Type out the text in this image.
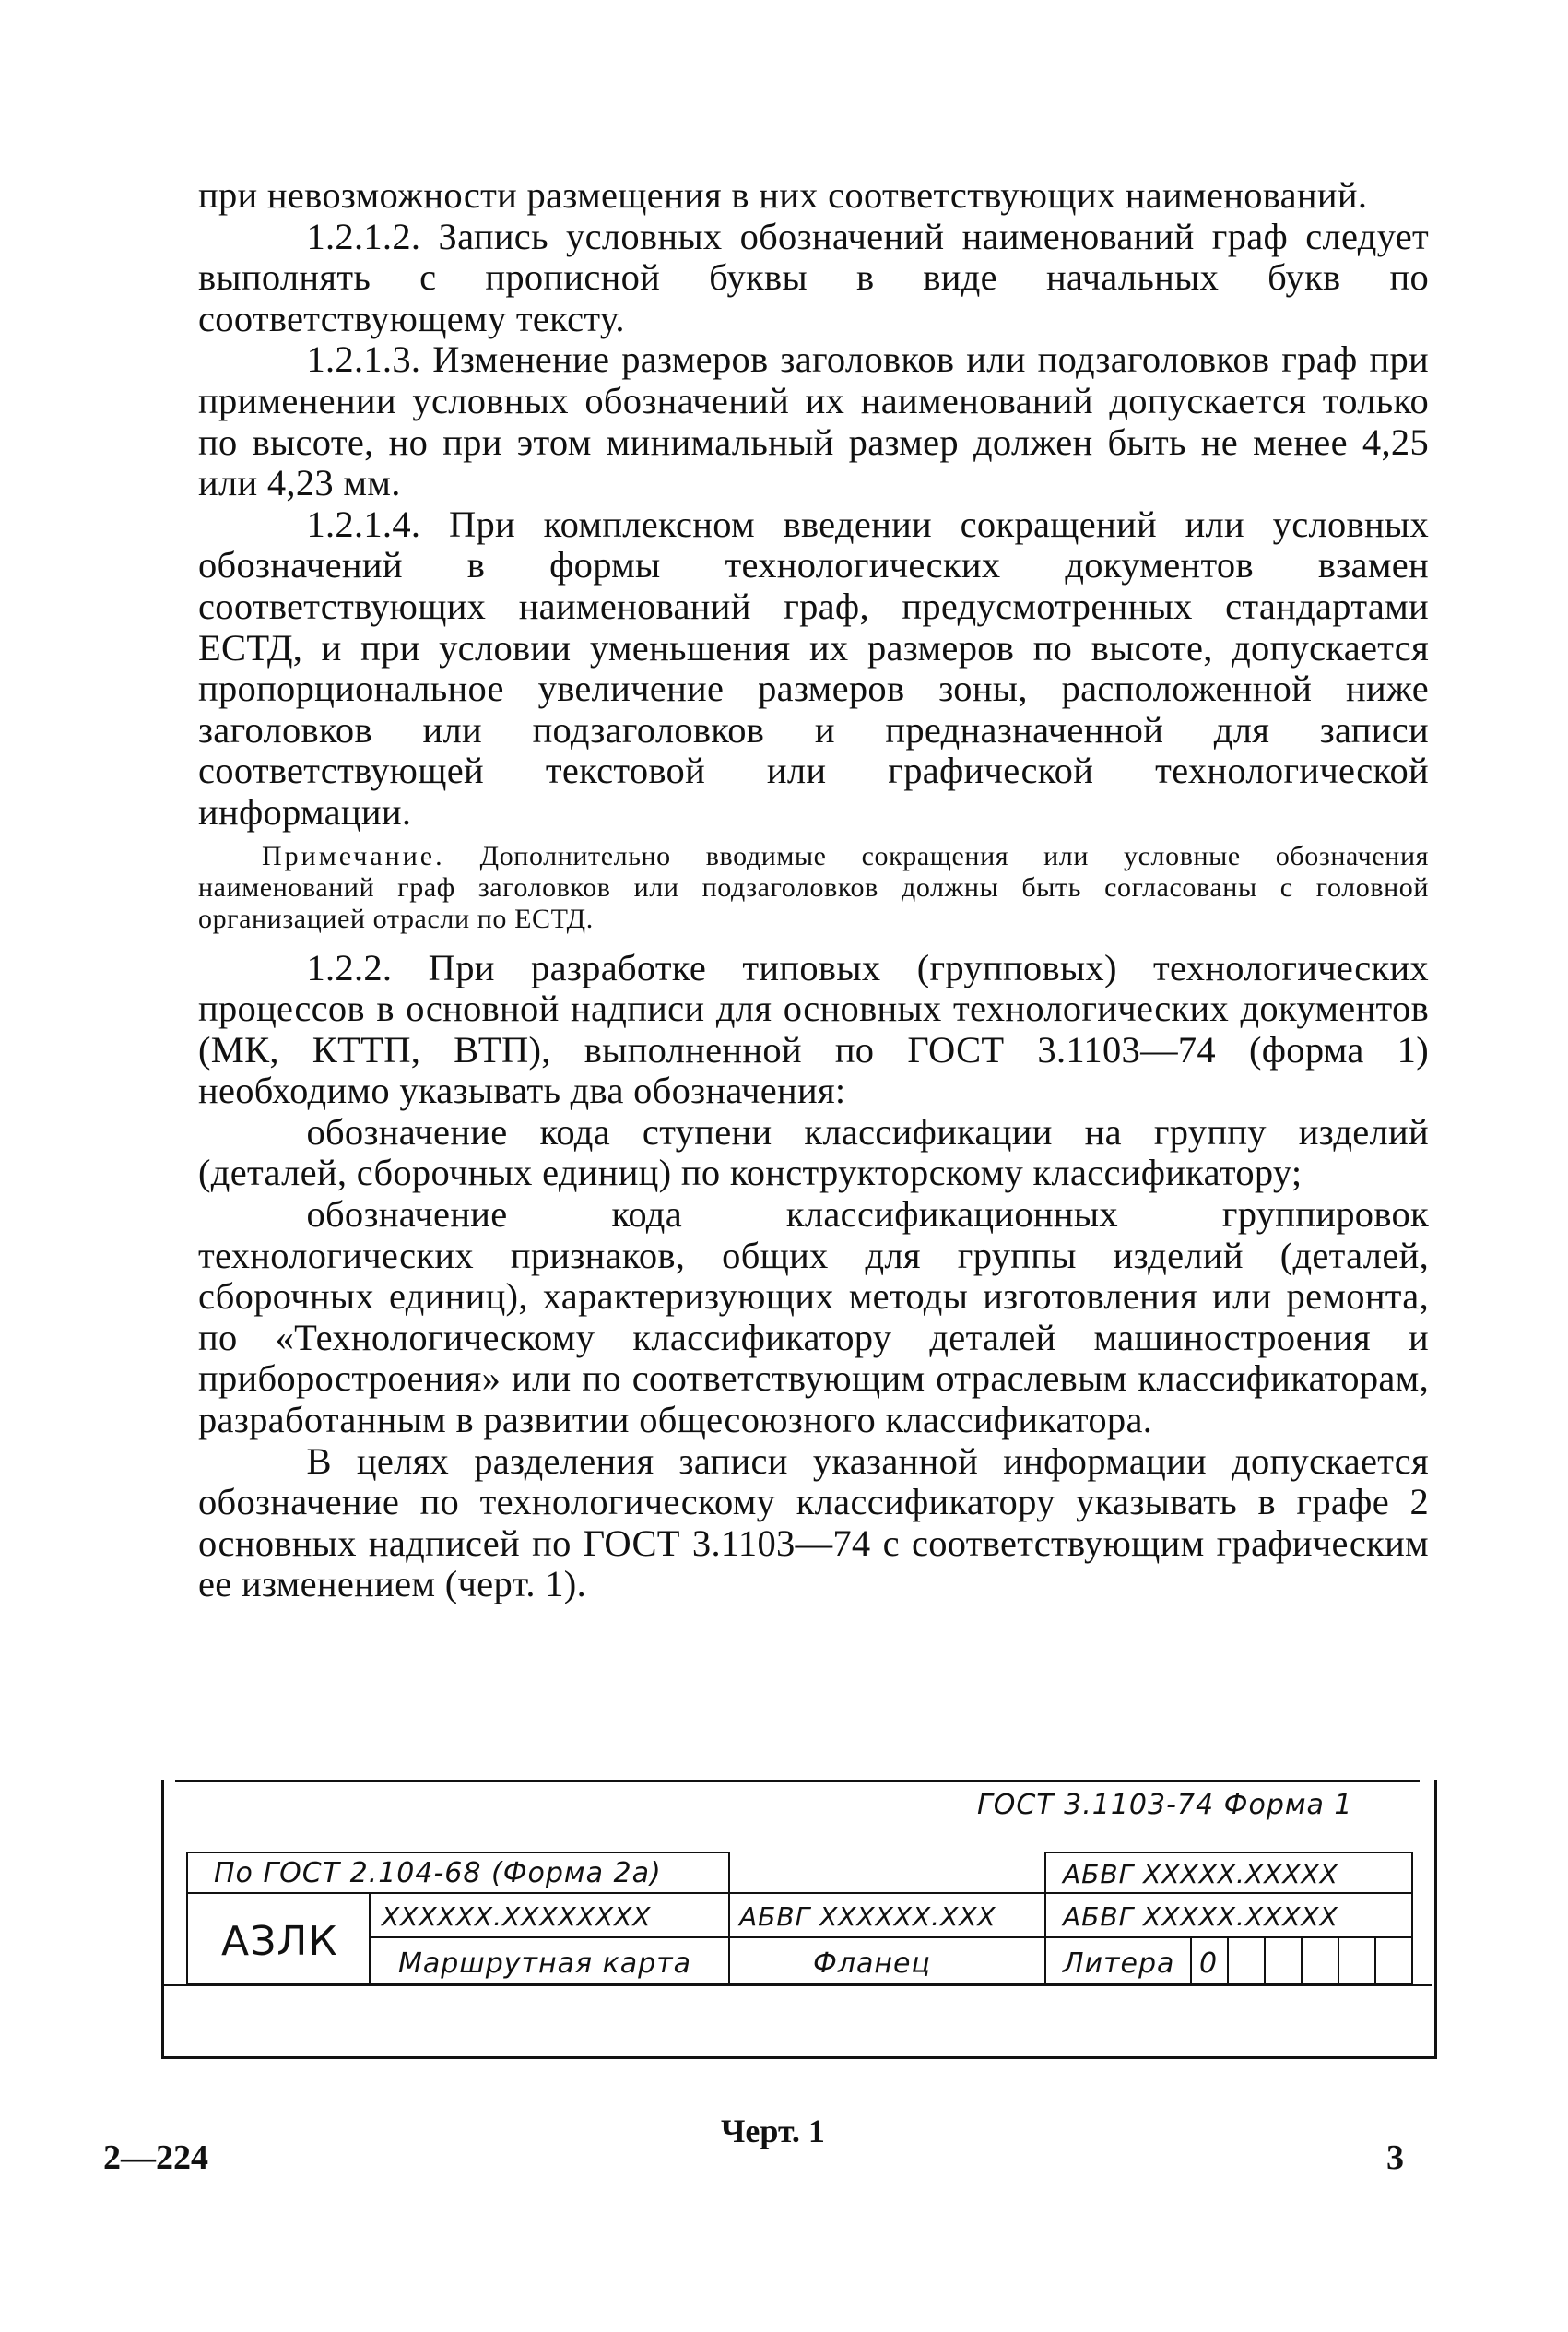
при невозможности размещения в них соответствующих наименований.

1.2.1.2. Запись условных обозначений наименований граф следует выполнять с прописной буквы в виде начальных букв по соответствующему тексту.

1.2.1.3. Изменение размеров заголовков или подзаголовков граф при применении условных обозначений их наименований допускается только по высоте, но при этом минимальный размер должен быть не менее 4,25 или 4,23 мм.

1.2.1.4. При комплексном введении сокращений или условных обозначений в формы технологических документов взамен соответствующих наименований граф, предусмотренных стандартами ЕСТД, и при условии уменьшения их размеров по высоте, допускается пропорциональное увеличение размеров зоны, расположенной ниже заголовков или подзаголовков и предназначенной для записи соответствующей текстовой или графической технологической информации.

Примечание. Дополнительно вводимые сокращения или условные обозначения наименований граф заголовков или подзаголовков должны быть согласованы с головной организацией отрасли по ЕСТД.

1.2.2. При разработке типовых (групповых) технологических процессов в основной надписи для основных технологических документов (МК, КТТП, ВТП), выполненной по ГОСТ 3.1103—74 (форма 1) необходимо указывать два обозначения:

обозначение кода ступени классификации на группу изделий (деталей, сборочных единиц) по конструкторскому классификатору;

обозначение кода классификационных группировок технологических признаков, общих для группы изделий (деталей, сборочных единиц), характеризующих методы изготовления или ремонта, по «Технологическому классификатору деталей машиностроения и приборостроения» или по соответствующим отраслевым классификаторам, разработанным в развитии общесоюзного классификатора.

В целях разделения записи указанной информации допускается обозначение по технологическому классификатору указывать в графе 2 основных надписей по ГОСТ 3.1103—74 с соответствующим графическим ее изменением (черт. 1).

ГОСТ 3.1103-74 Форма 1
По ГОСТ 2.104-68 (Форма 2а)
АЗЛК
XXXXXX.XXXXXXXX
Маршрутная карта
АБВГ XXXXXX.XXX
Фланец
АБВГ XXXXX.XXXXX
АБВГ XXXXX.XXXXX
Литера 0
Черт. 1
2—224	3
